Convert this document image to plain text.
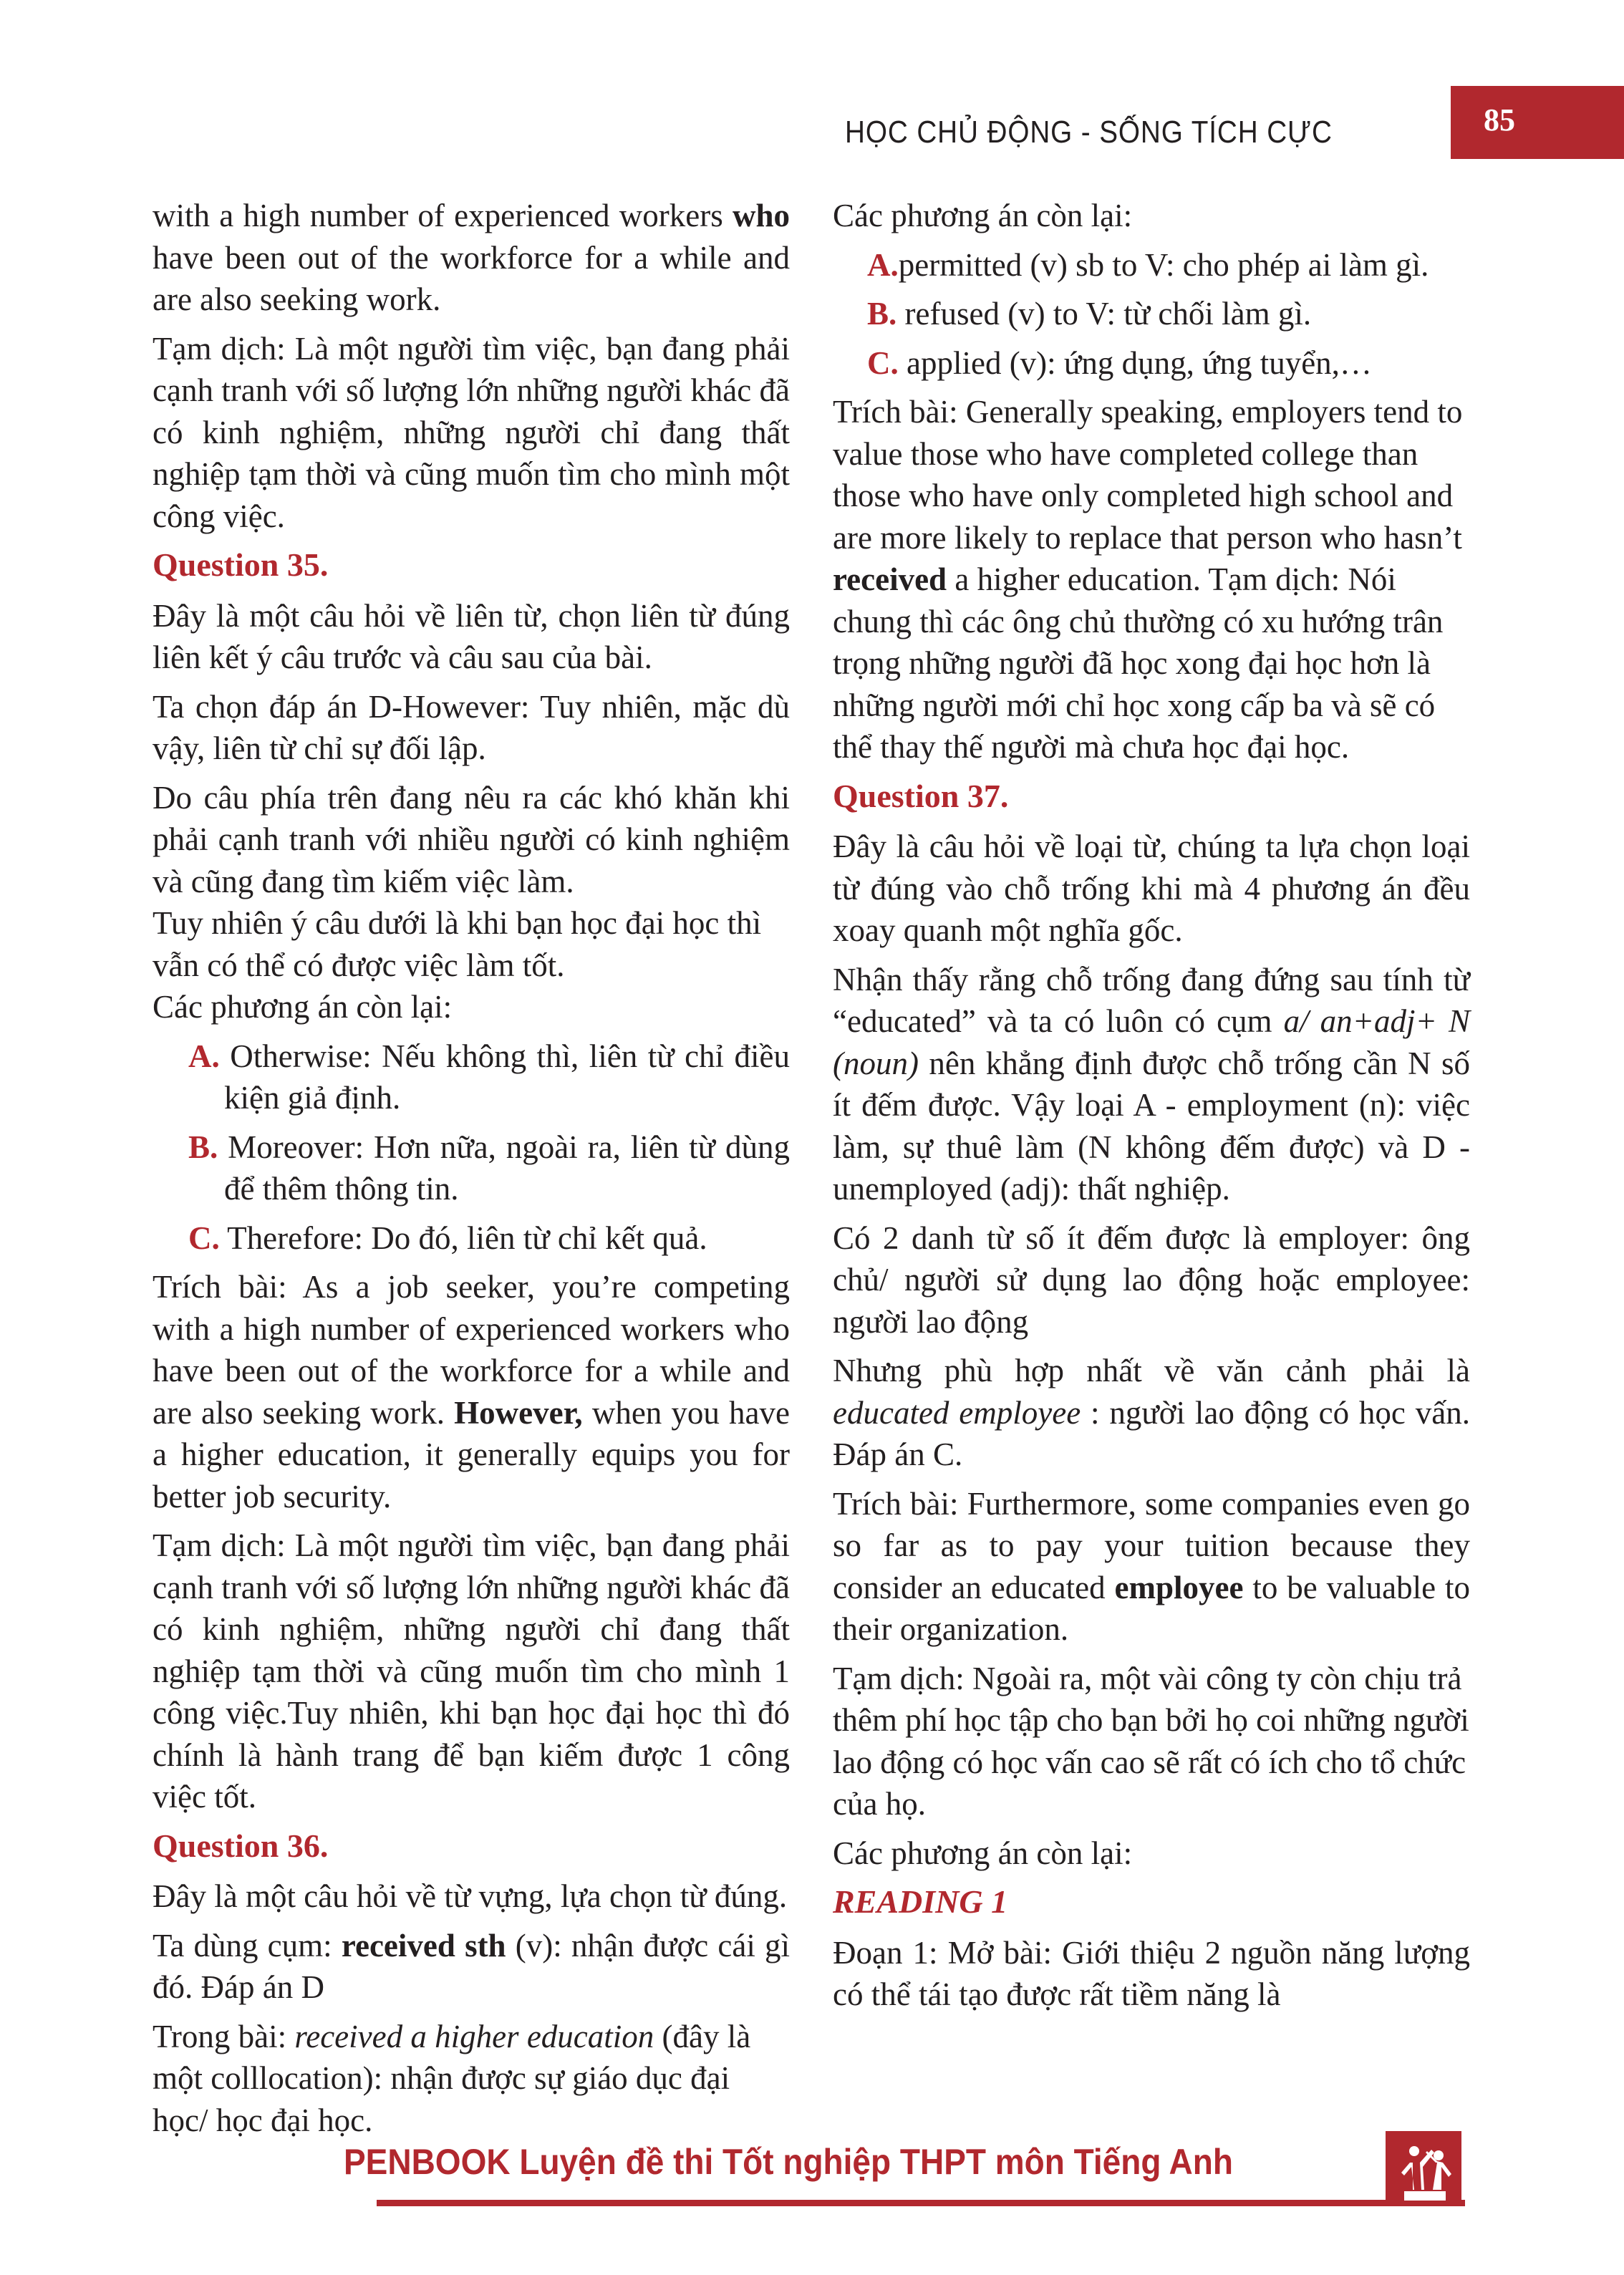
HỌC CHỦ ĐỘNG - SỐNG TÍCH CỰC	85

with a high number of experienced workers who have been out of the workforce for a while and are also seeking work.

Tạm dịch: Là một người tìm việc, bạn đang phải cạnh tranh với số lượng lớn những người khác đã có kinh nghiệm, những người chỉ đang thất nghiệp tạm thời và cũng muốn tìm cho mình một công việc.

Question 35.

Đây là một câu hỏi về liên từ, chọn liên từ đúng liên kết ý câu trước và câu sau của bài.

Ta chọn đáp án D-However: Tuy nhiên, mặc dù vậy, liên từ chỉ sự đối lập.

Do câu phía trên đang nêu ra các khó khăn khi phải cạnh tranh với nhiều người có kinh nghiệm và cũng đang tìm kiếm việc làm.

Tuy nhiên ý câu dưới là khi bạn học đại học thì vẫn có thể có được việc làm tốt.

Các phương án còn lại:

A. Otherwise: Nếu không thì, liên từ chỉ điều kiện giả định.

B. Moreover: Hơn nữa, ngoài ra, liên từ dùng để thêm thông tin.

C. Therefore: Do đó, liên từ chỉ kết quả.

Trích bài: As a job seeker, you’re competing with a high number of experienced workers who have been out of the workforce for a while and are also seeking work. However, when you have a higher education, it generally equips you for better job security.

Tạm dịch: Là một người tìm việc, bạn đang phải cạnh tranh với số lượng lớn những người khác đã có kinh nghiệm, những người chỉ đang thất nghiệp tạm thời và cũng muốn tìm cho mình 1 công việc.Tuy nhiên, khi bạn học đại học thì đó chính là hành trang để bạn kiếm được 1 công việc tốt.

Question 36.

Đây là một câu hỏi về từ vựng, lựa chọn từ đúng.

Ta dùng cụm: received sth (v): nhận được cái gì đó. Đáp án D

Trong bài: received a higher education (đây là một colllocation): nhận được sự giáo dục đại học/ học đại học.

Các phương án còn lại:

A.permitted (v) sb to V: cho phép ai làm gì.

B. refused (v) to V: từ chối làm gì.

C. applied (v): ứng dụng, ứng tuyển,…

Trích bài: Generally speaking, employers tend to value those who have completed college than those who have only completed high school and are more likely to replace that person who hasn’t received a higher education. Tạm dịch: Nói chung thì các ông chủ thường có xu hướng trân trọng những người đã học xong đại học hơn là những người mới chỉ học xong cấp ba và sẽ có thể thay thế người mà chưa học đại học.

Question 37.

Đây là câu hỏi về loại từ, chúng ta lựa chọn loại từ đúng vào chỗ trống khi mà 4 phương án đều xoay quanh một nghĩa gốc.

Nhận thấy rằng chỗ trống đang đứng sau tính từ “educated” và ta có luôn có cụm a/ an+adj+ N (noun) nên khẳng định được chỗ trống cần N số ít đếm được. Vậy loại A - employment (n): việc làm, sự thuê làm (N không đếm được) và D - unemployed (adj): thất nghiệp.

Có 2 danh từ số ít đếm được là employer: ông chủ/ người sử dụng lao động hoặc employee: người lao động

Nhưng phù hợp nhất về văn cảnh phải là educated employee : người lao động có học vấn. Đáp án C.

Trích bài: Furthermore, some companies even go so far as to pay your tuition because they consider an educated employee to be valuable to their organization.

Tạm dịch: Ngoài ra, một vài công ty còn chịu trả thêm phí học tập cho bạn bởi họ coi những người lao động có học vấn cao sẽ rất có ích cho tổ chức của họ.

Các phương án còn lại:

READING 1

Đoạn 1: Mở bài: Giới thiệu 2 nguồn năng lượng có thể tái tạo được rất tiềm năng là

PENBOOK Luyện đề thi Tốt nghiệp THPT môn Tiếng Anh
